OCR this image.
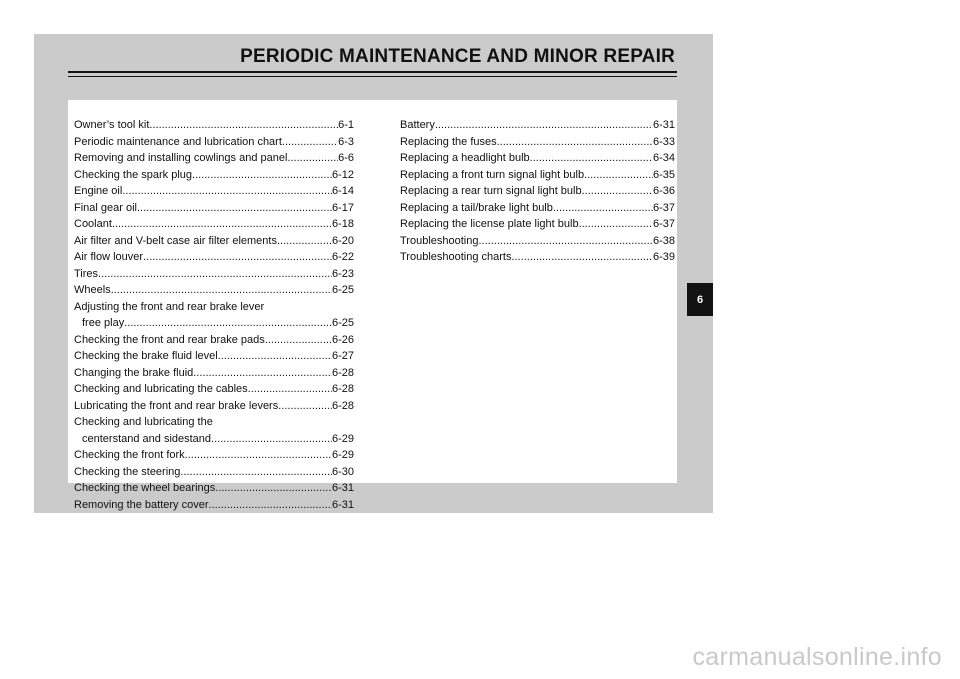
PERIODIC MAINTENANCE AND MINOR REPAIR
Owner’s tool kit .....	6-1
Periodic maintenance and lubrication chart .....	6-3
Removing and installing cowlings and panel .....	6-6
Checking the spark plug .....	6-12
Engine oil .....	6-14
Final gear oil .....	6-17
Coolant .....	6-18
Air filter and V-belt case air filter elements .....	6-20
Air flow louver .....	6-22
Tires .....	6-23
Wheels .....	6-25
Adjusting the front and rear brake lever
free play .....	6-25
Checking the front and rear brake pads .....	6-26
Checking the brake fluid level .....	6-27
Changing the brake fluid .....	6-28
Checking and lubricating the cables .....	6-28
Lubricating the front and rear brake levers .....	6-28
Checking and lubricating the
centerstand and sidestand .....	6-29
Checking the front fork .....	6-29
Checking the steering .....	6-30
Checking the wheel bearings .....	6-31
Removing the battery cover .....	6-31
Battery .....	6-31
Replacing the fuses .....	6-33
Replacing a headlight bulb .....	6-34
Replacing a front turn signal light bulb .....	6-35
Replacing a rear turn signal light bulb .....	6-36
Replacing a tail/brake light bulb .....	6-37
Replacing the license plate light bulb .....	6-37
Troubleshooting .....	6-38
Troubleshooting charts .....	6-39
6
carmanualsonline.info
